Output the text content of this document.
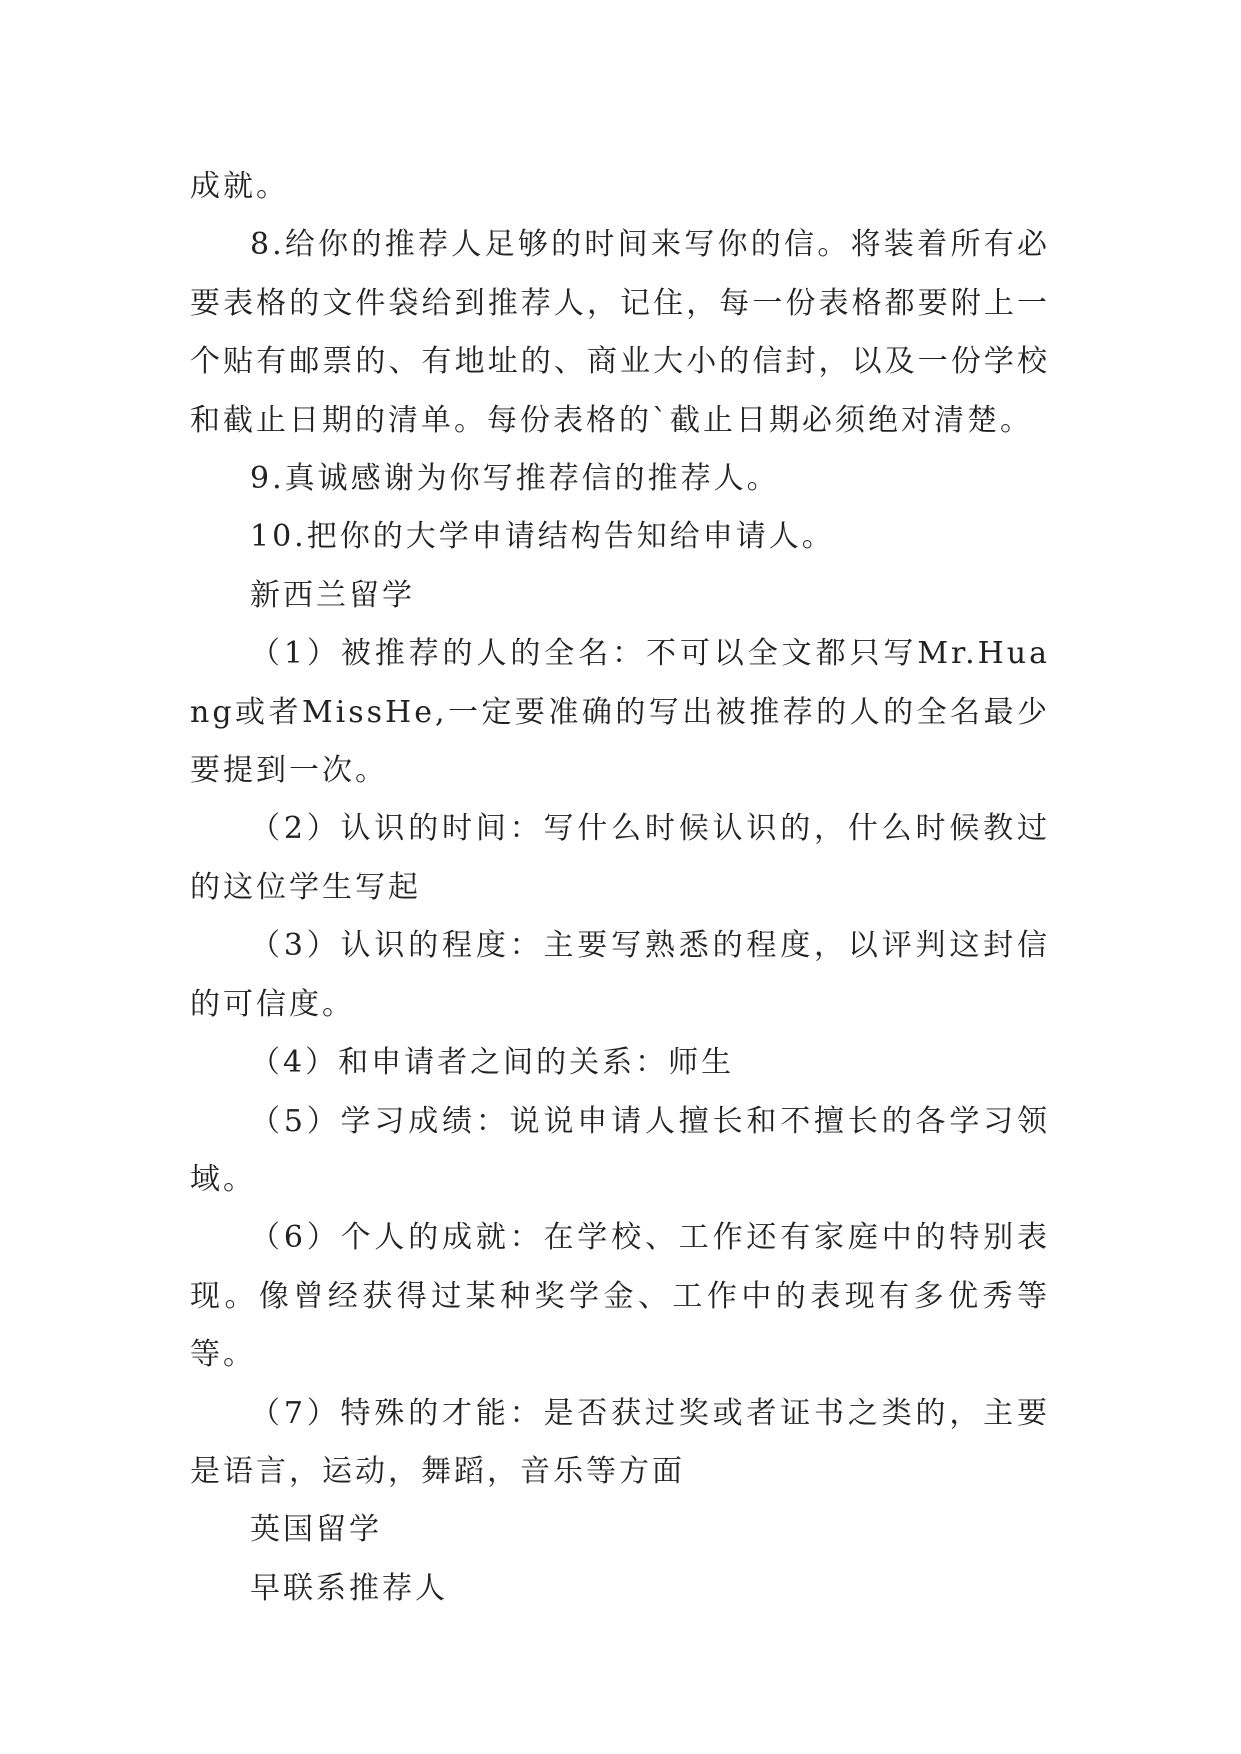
成就。

8.给你的推荐人足够的时间来写你的信。将装着所有必要表格的文件袋给到推荐人，记住，每一份表格都要附上一个贴有邮票的、有地址的、商业大小的信封，以及一份学校和截止日期的清单。每份表格的`截止日期必须绝对清楚。

9.真诚感谢为你写推荐信的推荐人。

10.把你的大学申请结构告知给申请人。

新西兰留学

（1）被推荐的人的全名：不可以全文都只写Mr.Huang或者MissHe,一定要准确的写出被推荐的人的全名最少要提到一次。

（2）认识的时间：写什么时候认识的，什么时候教过的这位学生写起

（3）认识的程度：主要写熟悉的程度，以评判这封信的可信度。

（4）和申请者之间的关系：师生

（5）学习成绩：说说申请人擅长和不擅长的各学习领域。

（6）个人的成就：在学校、工作还有家庭中的特别表现。像曾经获得过某种奖学金、工作中的表现有多优秀等等。

（7）特殊的才能：是否获过奖或者证书之类的，主要是语言，运动，舞蹈，音乐等方面

英国留学

早联系推荐人
